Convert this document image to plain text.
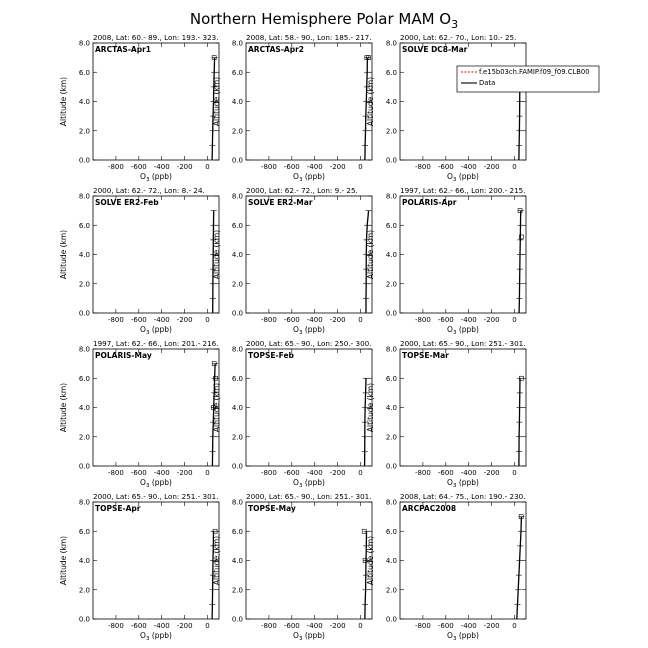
Northern Hemisphere Polar MAM $O_3$
2008, Lat: 60.- 89., Lon: 193.- 323.
ARCTAS-Apr1
0.0
2.0
4.0
6.0
8.0
-800 -600 -400 -200 0
$O_3$ (ppb)
Altitude (km)
2008, Lat: 58.- 90., Lon: 185.- 217.
ARCTAS-Apr2
0.0
2.0
4.0
6.0
8.0
-800 -600 -400 -200 0
$O_3$ (ppb)
Altitude (km)
2000, Lat: 62.- 70., Lon: 10.- 25.
SOLVE DC8-Mar
0.0
2.0
4.0
6.0
8.0
-800 -600 -400 -200 0
$O_3$ (ppb)
Altitude (km)
f.e15b03ch.FAMIP.f09_f09.CLB00
Data
2000, Lat: 62.- 72., Lon: 8.- 24.
SOLVE ER2-Feb
0.0
2.0
4.0
6.0
8.0
-800 -600 -400 -200 0
$O_3$ (ppb)
Altitude (km)
2000, Lat: 62.- 72., Lon: 9.- 25.
SOLVE ER2-Mar
0.0
2.0
4.0
6.0
8.0
-800 -600 -400 -200 0
$O_3$ (ppb)
Altitude (km)
1997, Lat: 62.- 66., Lon: 200.- 215.
POLARIS-Apr
0.0
2.0
4.0
6.0
8.0
-800 -600 -400 -200 0
$O_3$ (ppb)
Altitude (km)
1997, Lat: 62.- 66., Lon: 201.- 216.
POLARIS-May
0.0
2.0
4.0
6.0
8.0
-800 -600 -400 -200 0
$O_3$ (ppb)
Altitude (km)
2000, Lat: 65.- 90., Lon: 250.- 300.
TOPSE-Feb
0.0
2.0
4.0
6.0
8.0
-800 -600 -400 -200 0
$O_3$ (ppb)
Altitude (km)
2000, Lat: 65.- 90., Lon: 251.- 301.
TOPSE-Mar
0.0
2.0
4.0
6.0
8.0
-800 -600 -400 -200 0
$O_3$ (ppb)
Altitude (km)
2000, Lat: 65.- 90., Lon: 251.- 301.
TOPSE-Apr
0.0
2.0
4.0
6.0
8.0
-800 -600 -400 -200 0
$O_3$ (ppb)
Altitude (km)
2000, Lat: 65.- 90., Lon: 251.- 301.
TOPSE-May
0.0
2.0
4.0
6.0
8.0
-800 -600 -400 -200 0
$O_3$ (ppb)
Altitude (km)
2008, Lat: 64.- 75., Lon: 190.- 230.
ARCPAC2008
0.0
2.0
4.0
6.0
8.0
-800 -600 -400 -200 0
$O_3$ (ppb)
Altitude (km)
